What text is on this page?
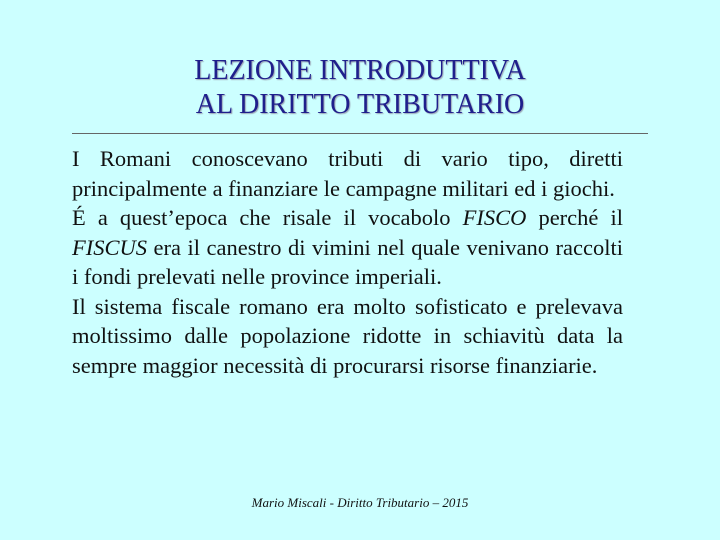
LEZIONE INTRODUTTIVA
AL DIRITTO TRIBUTARIO

I Romani conoscevano tributi di vario tipo, diretti principalmente a finanziare le campagne militari ed i giochi.

É a quest’epoca che risale il vocabolo FISCO perché il FISCUS era il canestro di vimini nel quale venivano raccolti i fondi prelevati nelle province imperiali.

Il sistema fiscale romano era molto sofisticato e prelevava moltissimo dalle popolazione ridotte in schiavitù data la sempre maggior necessità di procurarsi risorse finanziarie.

Mario Miscali - Diritto Tributario – 2015
